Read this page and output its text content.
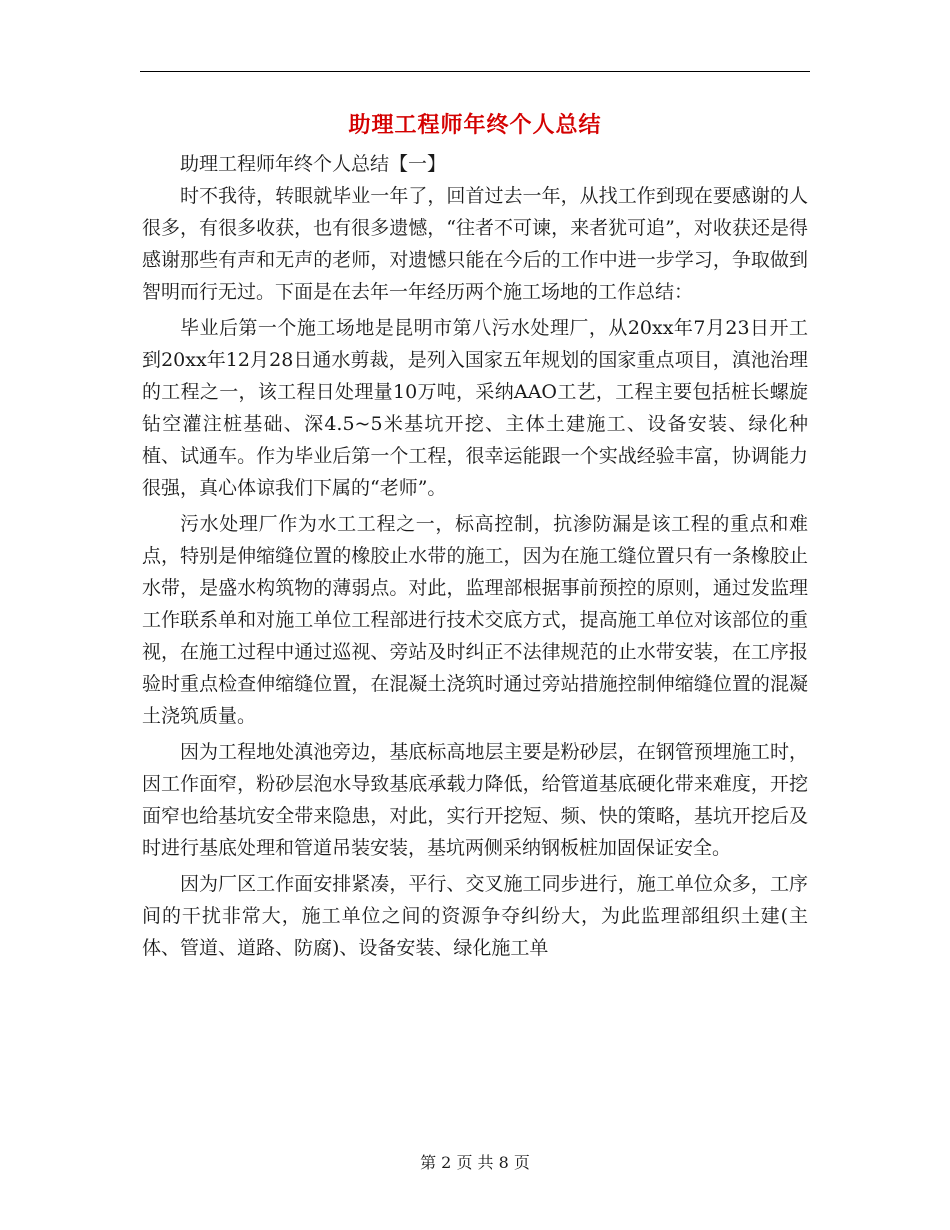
助理工程师年终个人总结

助理工程师年终个人总结【一】

时不我待，转眼就毕业一年了，回首过去一年，从找工作到现在要感谢的人很多，有很多收获，也有很多遗憾，“往者不可谏，来者犹可追”，对收获还是得感谢那些有声和无声的老师，对遗憾只能在今后的工作中进一步学习，争取做到智明而行无过。下面是在去年一年经历两个施工场地的工作总结：

毕业后第一个施工场地是昆明市第八污水处理厂，从20xx年7月23日开工到20xx年12月28日通水剪裁，是列入国家五年规划的国家重点项目，滇池治理的工程之一，该工程日处理量10万吨，采纳AAO工艺，工程主要包括桩长螺旋钻空灌注桩基础、深4.5~5米基坑开挖、主体土建施工、设备安装、绿化种植、试通车。作为毕业后第一个工程，很幸运能跟一个实战经验丰富，协调能力很强，真心体谅我们下属的“老师”。

污水处理厂作为水工工程之一，标高控制，抗渗防漏是该工程的重点和难点，特别是伸缩缝位置的橡胶止水带的施工，因为在施工缝位置只有一条橡胶止水带，是盛水构筑物的薄弱点。对此，监理部根据事前预控的原则，通过发监理工作联系单和对施工单位工程部进行技术交底方式，提高施工单位对该部位的重视，在施工过程中通过巡视、旁站及时纠正不法律规范的止水带安装，在工序报验时重点检查伸缩缝位置，在混凝土浇筑时通过旁站措施控制伸缩缝位置的混凝土浇筑质量。

因为工程地处滇池旁边，基底标高地层主要是粉砂层，在钢管预埋施工时，因工作面窄，粉砂层泡水导致基底承载力降低，给管道基底硬化带来难度，开挖面窄也给基坑安全带来隐患，对此，实行开挖短、频、快的策略，基坑开挖后及时进行基底处理和管道吊装安装，基坑两侧采纳钢板桩加固保证安全。

因为厂区工作面安排紧凑，平行、交叉施工同步进行，施工单位众多，工序间的干扰非常大，施工单位之间的资源争夺纠纷大，为此监理部组织土建(主体、管道、道路、防腐)、设备安装、绿化施工单

第 2 页 共 8 页
